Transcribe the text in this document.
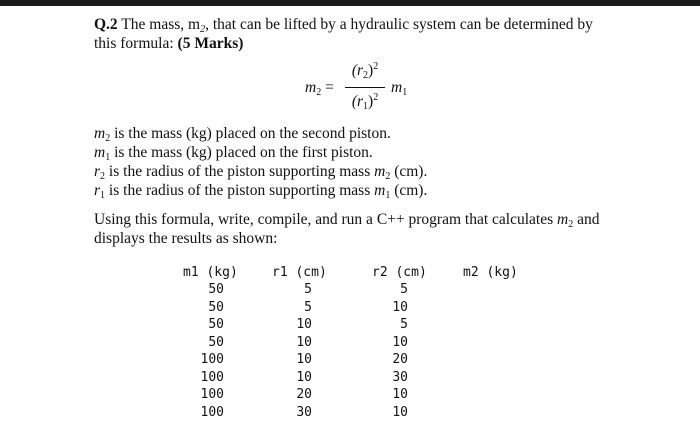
Q.2 The mass, $m_2$, that can be lifted by a hydraulic system can be determined by
this formula: (5 Marks)
$m_2$ =
$(r_2)^2$
$(r_1)^2$
$m_1$
$m_2$ is the mass (kg) placed on the second piston.
$m_1$ is the mass (kg) placed on the first piston.
$r_2$ is the radius of the piston supporting mass $m_2$ (cm).
$r_1$ is the radius of the piston supporting mass $m_1$ (cm).
Using this formula, write, compile, and run a C++ program that calculates $m_2$ and
displays the results as shown:
m1 (kg)	r1 (cm)	r2 (cm)	m2 (kg)
50	5	5
50	5	10
50	10	5
50	10	10
100	10	20
100	10	30
100	20	10
100	30	10
